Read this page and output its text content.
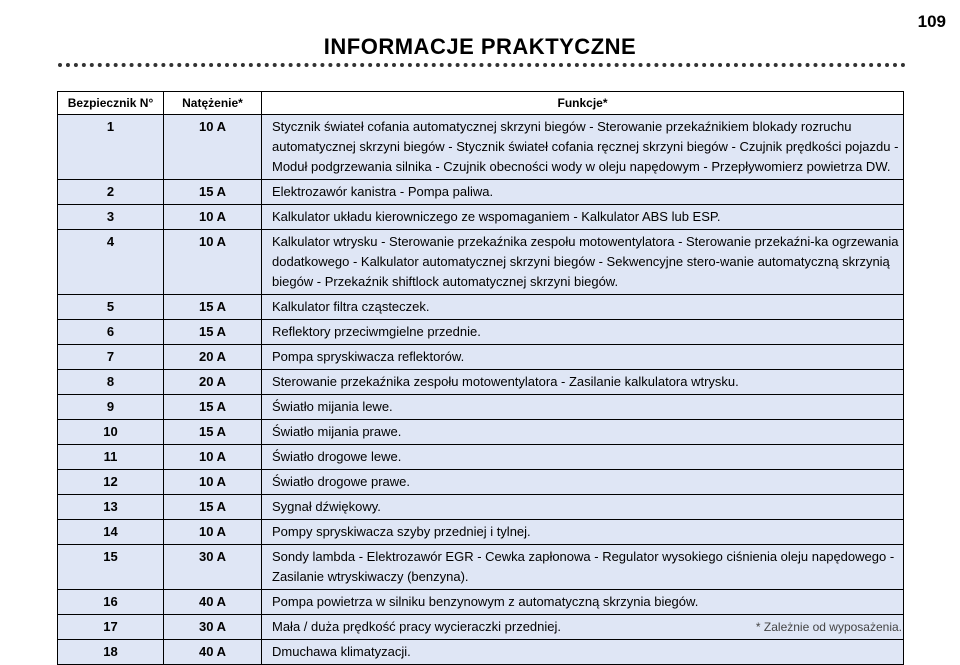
109
INFORMACJE PRAKTYCZNE
Bezpiecznik N°	Natężenie*	Funkcje*
1	10 A	Stycznik świateł cofania automatycznej skrzyni biegów - Sterowanie przekaźnikiem blokady rozruchu automatycznej skrzyni biegów - Stycznik świateł cofania ręcznej skrzyni biegów - Czujnik prędkości pojazdu - Moduł podgrzewania silnika - Czujnik obecności wody w oleju napędowym - Przepływomierz powietrza DW.
2	15 A	Elektrozawór kanistra - Pompa paliwa.
3	10 A	Kalkulator układu kierowniczego ze wspomaganiem - Kalkulator ABS lub ESP.
4	10 A	Kalkulator wtrysku - Sterowanie przekaźnika zespołu motowentylatora - Sterowanie przekaźni-ka ogrzewania dodatkowego - Kalkulator automatycznej skrzyni biegów - Sekwencyjne stero-wanie automatyczną skrzynią biegów - Przekaźnik shiftlock automatycznej skrzyni biegów.
5	15 A	Kalkulator filtra cząsteczek.
6	15 A	Reflektory przeciwmgielne przednie.
7	20 A	Pompa spryskiwacza reflektorów.
8	20 A	Sterowanie przekaźnika zespołu motowentylatora - Zasilanie kalkulatora wtrysku.
9	15 A	Światło mijania lewe.
10	15 A	Światło mijania prawe.
11	10 A	Światło drogowe lewe.
12	10 A	Światło drogowe prawe.
13	15 A	Sygnał dźwiękowy.
14	10 A	Pompy spryskiwacza szyby przedniej i tylnej.
15	30 A	Sondy lambda - Elektrozawór EGR - Cewka zapłonowa - Regulator wysokiego ciśnienia oleju napędowego - Zasilanie wtryskiwaczy (benzyna).
16	40 A	Pompa powietrza w silniku benzynowym z automatyczną skrzynia biegów.
17	30 A	Mała / duża prędkość pracy wycieraczki przedniej.
18	40 A	Dmuchawa klimatyzacji.
* Zależnie od wyposażenia.
